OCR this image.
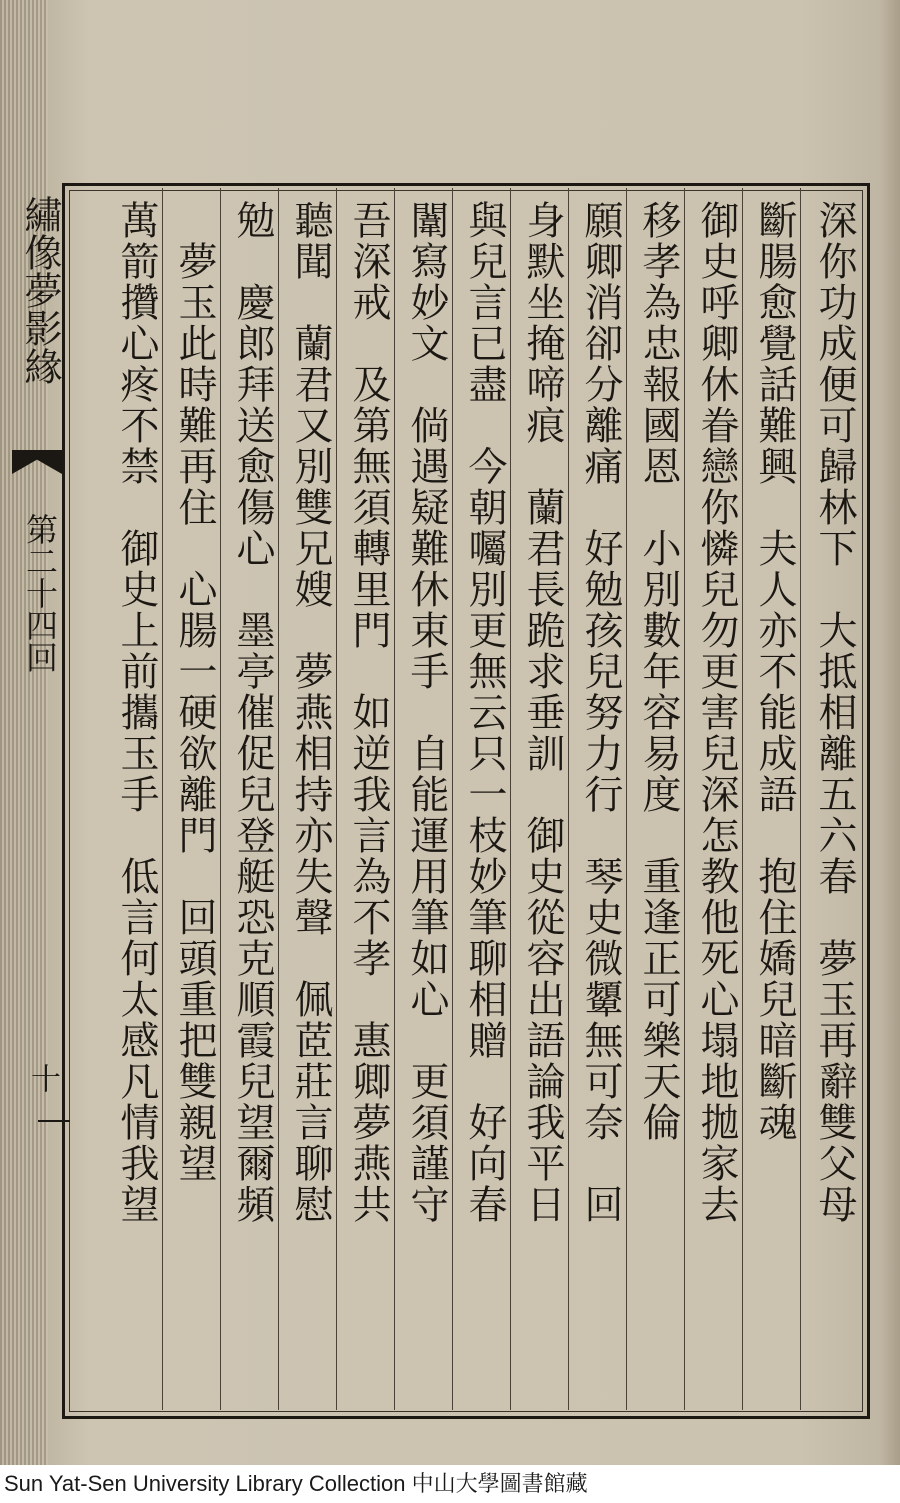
繡像夢影緣
第二十四回
十	深你功成便可歸林下　大抵相離五六春　夢玉再辭雙父母
斷腸愈覺話難興　夫人亦不能成語　抱住嬌兒暗斷魂
御史呼卿休眷戀你憐兒勿更害兒深怎教他死心塌地拋家去
移孝為忠報國恩　小別數年容易度　重逢正可樂天倫
願卿消卻分離痛　好勉孩兒努力行　琴史微顰無可奈　回
身默坐掩啼痕　蘭君長跪求垂訓　御史從容出語論我平日
與兒言已盡　今朝囑別更無云只一枝妙筆聊相贈　好向春
闈寫妙文　倘遇疑難休束手　自能運用筆如心　更須謹守
吾深戒　及第無須轉里門　如逆我言為不孝　惠卿夢燕共
聽聞　蘭君又別雙兄嫂　夢燕相持亦失聲　佩茝莊言聊慰
勉　慶郎拜送愈傷心　墨亭催促兒登艇恐克順霞兒望爾頻
　夢玉此時難再住　心腸一硬欲離門　回頭重把雙親望
萬箭攢心疼不禁　御史上前攜玉手　低言何太感凡情我望
Sun Yat-Sen University Library Collection 中山大學圖書館藏
